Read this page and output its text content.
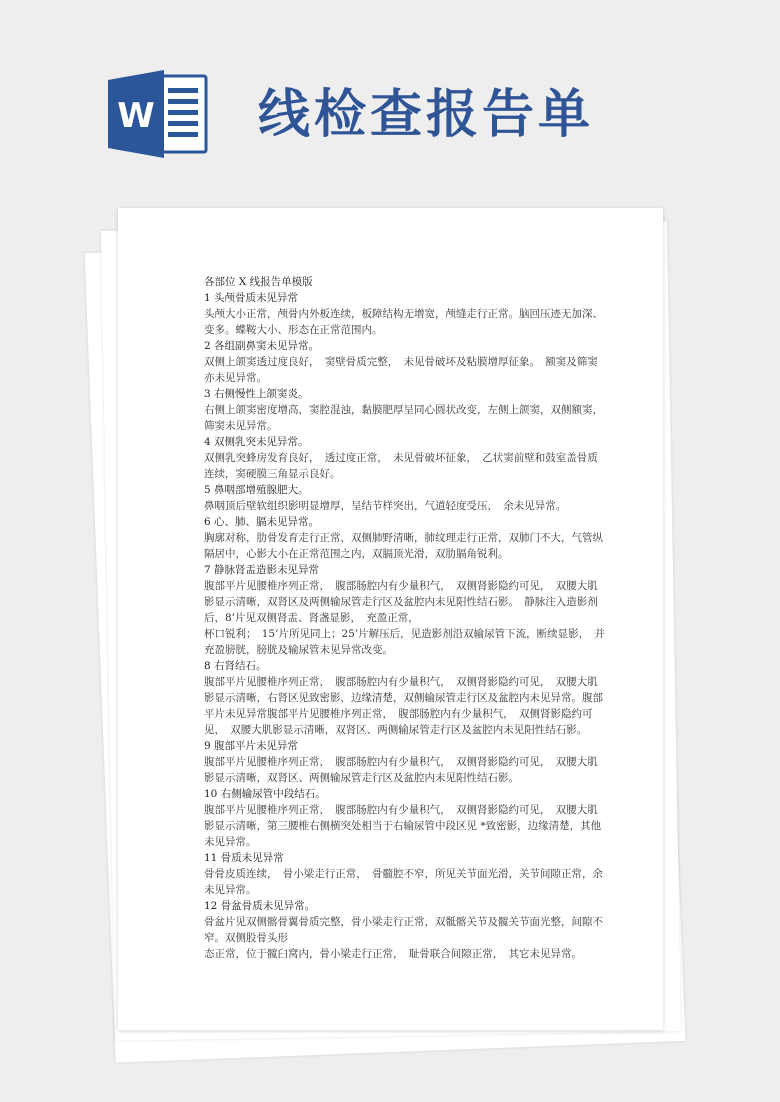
W 线检查报告单

各部位 X 线报告单模版

1 头颅骨质未见异常

头颅大小正常，颅骨内外板连续，板障结构无增宽，颅缝走行正常。脑回压迹无加深、变多。蝶鞍大小、形态在正常范围内。

2 各组副鼻窦未见异常。

双侧上颌窦透过度良好，　窦壁骨质完整，　未见骨破坏及粘膜增厚征象。　额窦及筛窦亦未见异常。

3 右侧慢性上颌窦炎。

右侧上颌窦密度增高，窦腔混浊，黏膜肥厚呈同心圆状改变，左侧上颌窦，双侧额窦，筛窦未见异常。

4 双侧乳突未见异常。

双侧乳突蜂房发育良好，　透过度正常，　未见骨破坏征象，　乙状窦前壁和鼓室盖骨质连续，窦硬膜三角显示良好。

5 鼻咽部增殖腺肥大。

鼻咽顶后壁软组织影明显增厚，呈结节样突出，气道轻度受压，　余未见异常。

6 心、肺、膈未见异常。

胸廓对称，肋骨发育走行正常，双侧肺野清晰，肺纹理走行正常，双肺门不大，气管纵隔居中，心影大小在正常范围之内，双膈顶光滑，双肋膈角锐利。

7 静脉肾盂造影未见异常

腹部平片见腰椎序列正常，　腹部肠腔内有少量积气，　双侧肾影隐约可见，　双腰大肌影显示清晰，双肾区及两侧输尿管走行区及盆腔内未见阳性结石影。　静脉注入造影剂后，8’片见双侧肾盂、肾盏显影，　充盈正常，

杯口锐利；　15’片所见同上；25’片解压后，见造影剂沿双输尿管下流，断续显影，　并充盈膀胱，膀胱及输尿管未见异常改变。

8 右肾结石。

腹部平片见腰椎序列正常，　腹部肠腔内有少量积气，　双侧肾影隐约可见，　双腰大肌影显示清晰，右肾区见致密影，边缘清楚，双侧输尿管走行区及盆腔内未见异常。腹部平片未见异常腹部平片见腰椎序列正常，　腹部肠腔内有少量积气，　双侧肾影隐约可见，　双腰大肌影显示清晰，双肾区、两侧输尿管走行区及盆腔内未见阳性结石影。

9 腹部平片未见异常

腹部平片见腰椎序列正常，　腹部肠腔内有少量积气，　双侧肾影隐约可见，　双腰大肌影显示清晰，双肾区、两侧输尿管走行区及盆腔内未见阳性结石影。

10 右侧输尿管中段结石。

腹部平片见腰椎序列正常，　腹部肠腔内有少量积气，　双侧肾影隐约可见，　双腰大肌影显示清晰，第三腰椎右侧横突处相当于右输尿管中段区见 *致密影，边缘清楚，其他未见异常。

11 骨质未见异常

骨骨皮质连续，　骨小梁走行正常，　骨髓腔不窄，所见关节面光滑，关节间隙正常，余未见异常。

12 骨盆骨质未见异常。

骨盆片见双侧髂骨翼骨质完整，骨小梁走行正常，双骶髂关节及髋关节面光整，间隙不窄。双侧股骨头形

态正常，位于髋臼窝内，骨小梁走行正常，　耻骨联合间隙正常，　其它未见异常。
